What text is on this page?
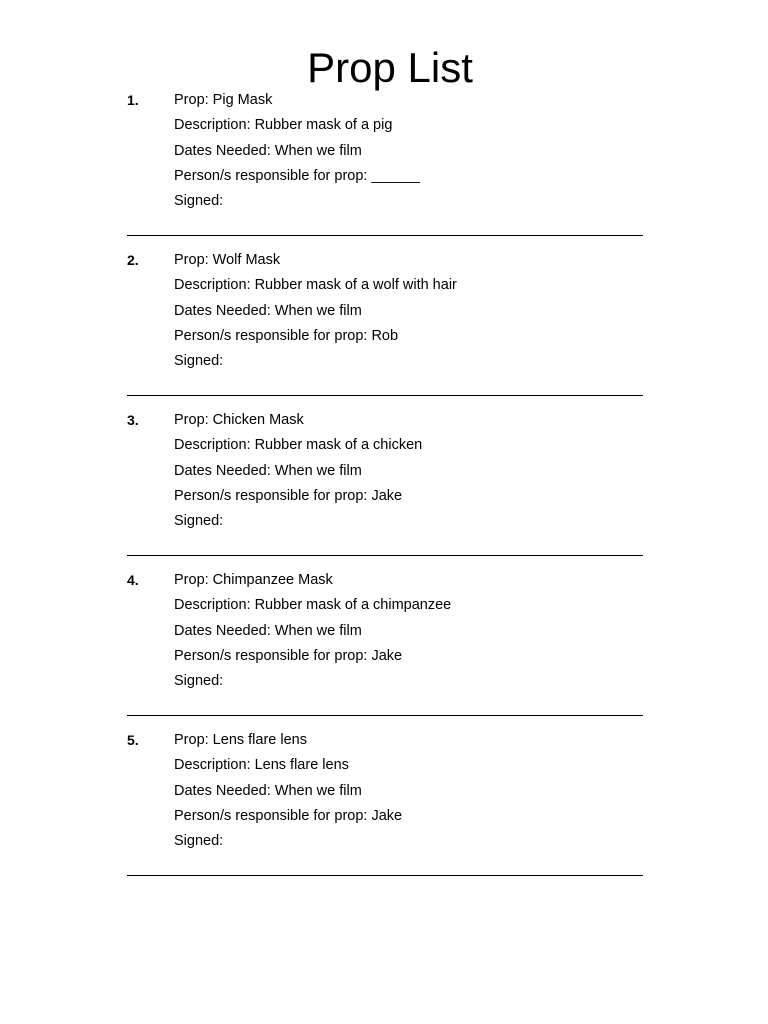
Prop List
1. Prop: Pig Mask
Description: Rubber mask of a pig
Dates Needed: When we film
Person/s responsible for prop: ______
Signed:
2. Prop: Wolf Mask
Description: Rubber mask of a wolf with hair
Dates Needed: When we film
Person/s responsible for prop: Rob
Signed:
3. Prop: Chicken Mask
Description: Rubber mask of a chicken
Dates Needed: When we film
Person/s responsible for prop: Jake
Signed:
4. Prop: Chimpanzee Mask
Description: Rubber mask of a chimpanzee
Dates Needed: When we film
Person/s responsible for prop: Jake
Signed:
5. Prop: Lens flare lens
Description: Lens flare lens
Dates Needed: When we film
Person/s responsible for prop: Jake
Signed:
